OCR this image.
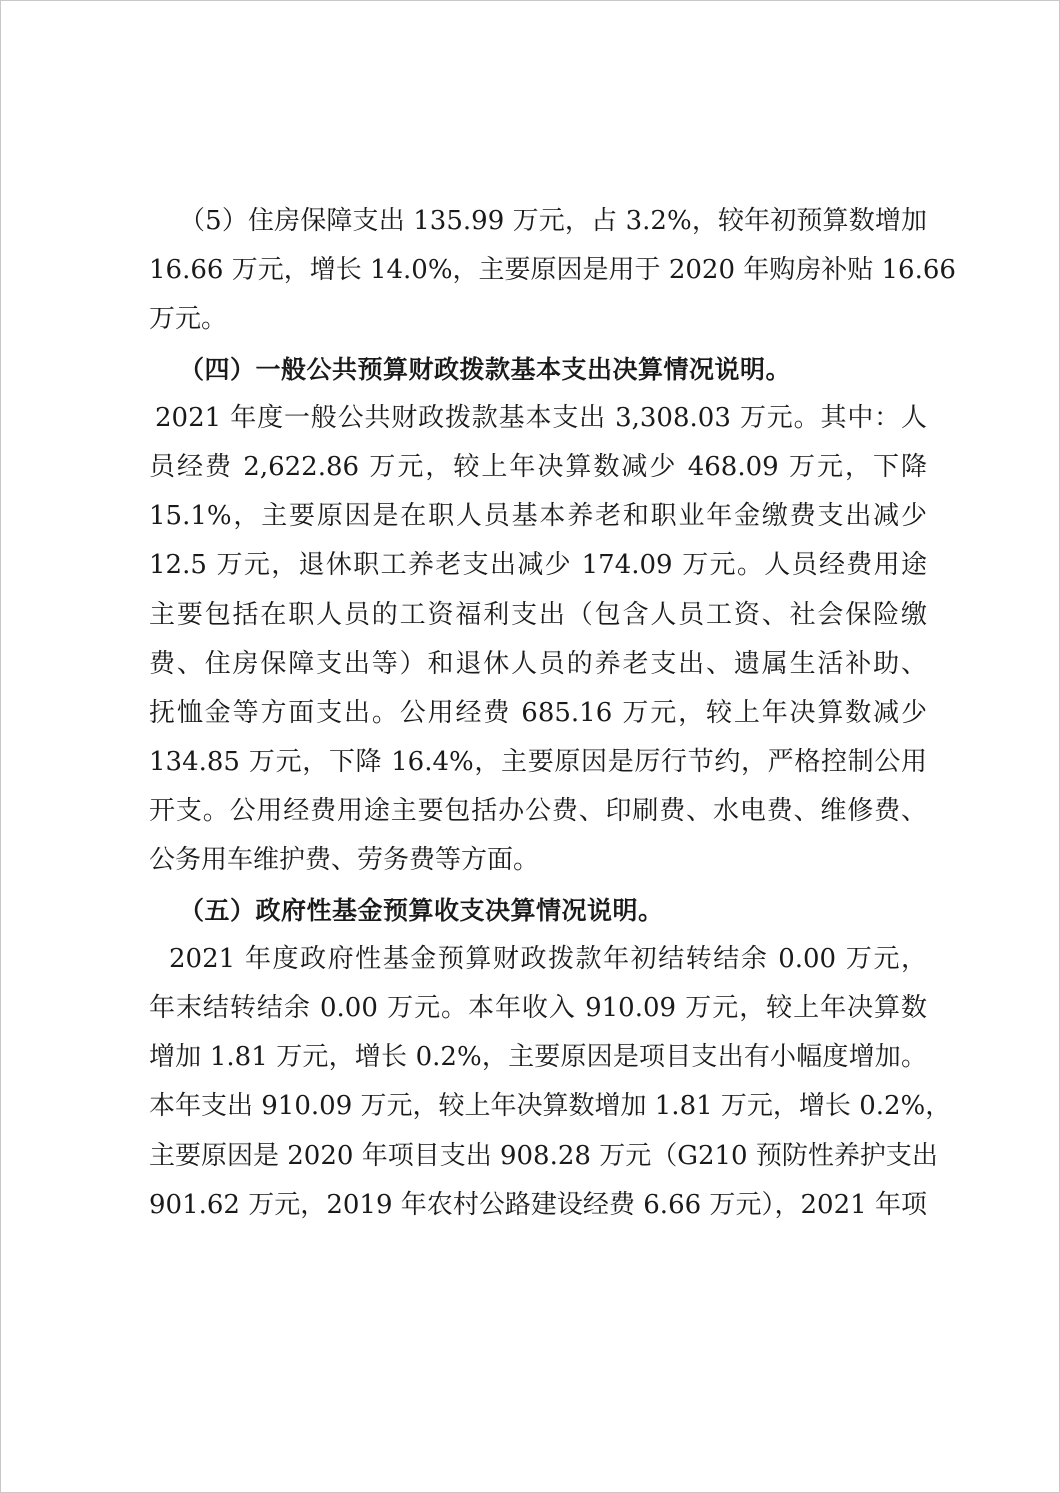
（5）住房保障支出 135.99 万元，占 3.2%，较年初预算数增加
16.66 万元，增长 14.0%，主要原因是用于 2020 年购房补贴 16.66
万元。
（四）一般公共预算财政拨款基本支出决算情况说明。
2021 年度一般公共财政拨款基本支出 3,308.03 万元。其中：人
员经费 2,622.86 万元，较上年决算数减少 468.09 万元，下降
15.1%，主要原因是在职人员基本养老和职业年金缴费支出减少
12.5 万元，退休职工养老支出减少 174.09 万元。人员经费用途
主要包括在职人员的工资福利支出（包含人员工资、社会保险缴
费、住房保障支出等）和退休人员的养老支出、遗属生活补助、
抚恤金等方面支出。公用经费 685.16 万元，较上年决算数减少
134.85 万元，下降 16.4%，主要原因是厉行节约，严格控制公用
开支。公用经费用途主要包括办公费、印刷费、水电费、维修费、
公务用车维护费、劳务费等方面。
（五）政府性基金预算收支决算情况说明。
2021 年度政府性基金预算财政拨款年初结转结余 0.00 万元，
年末结转结余 0.00 万元。本年收入 910.09 万元，较上年决算数
增加 1.81 万元，增长 0.2%，主要原因是项目支出有小幅度增加。
本年支出 910.09 万元，较上年决算数增加 1.81 万元，增长 0.2%，
主要原因是 2020 年项目支出 908.28 万元（G210 预防性养护支出
901.62 万元，2019 年农村公路建设经费 6.66 万元），2021 年项
